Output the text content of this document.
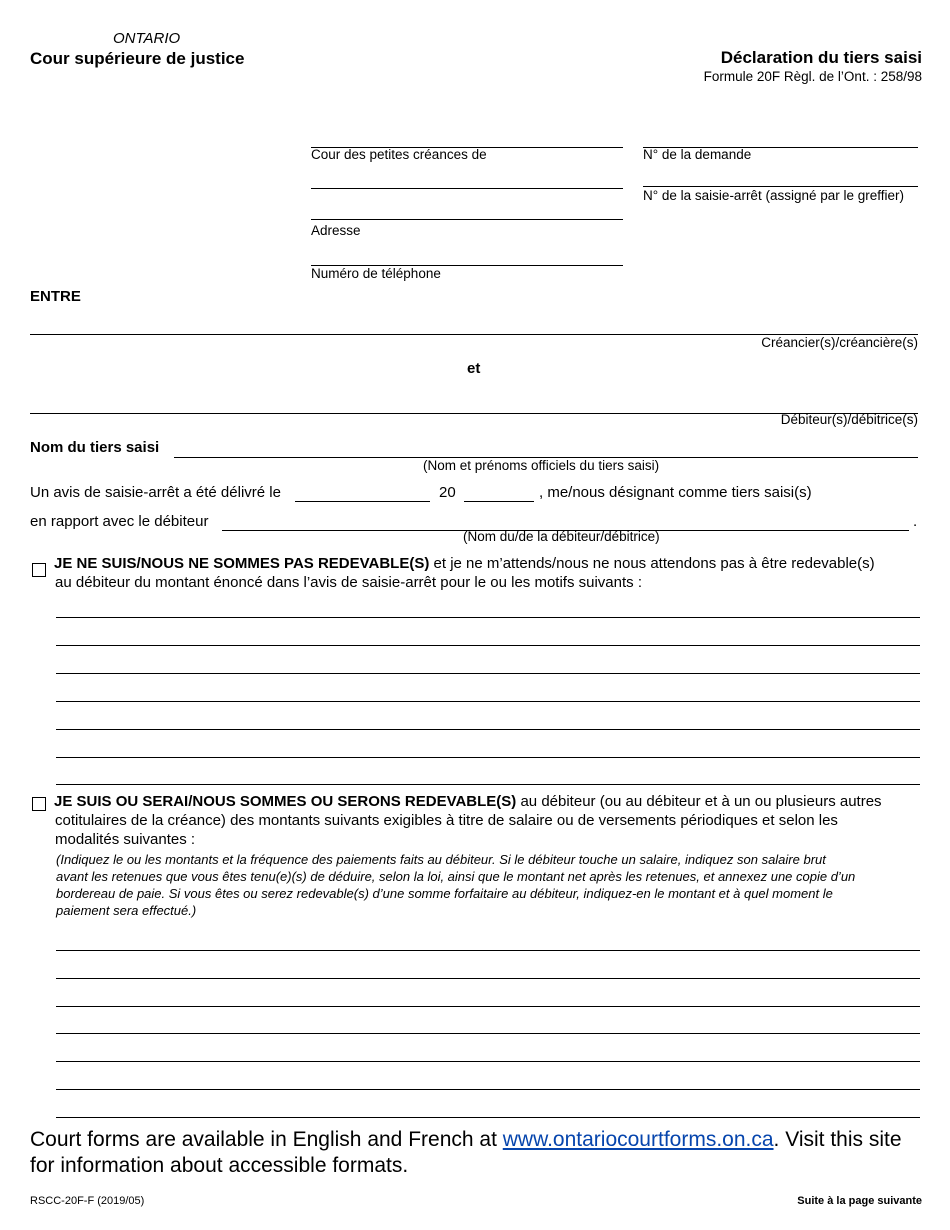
ONTARIO
Cour supérieure de justice	Déclaration du tiers saisi
Formule 20F Règl. de l’Ont. : 258/98
Cour des petites créances de
Adresse
Numéro de téléphone
N° de la demande
N° de la saisie-arrêt (assigné par le greffier)
ENTRE
Créancier(s)/créancière(s)
et
Débiteur(s)/débitrice(s)
Nom du tiers saisi
(Nom et prénoms officiels du tiers saisi)
Un avis de saisie-arrêt a été délivré le	20	, me/nous désignant comme tiers saisi(s)
en rapport avec le débiteur	.
(Nom du/de la débiteur/débitrice)
JE NE SUIS/NOUS NE SOMMES PAS REDEVABLE(S) et je ne m’attends/nous ne nous attendons pas à être redevable(s)
au débiteur du montant énoncé dans l’avis de saisie-arrêt pour le ou les motifs suivants :
JE SUIS OU SERAI/NOUS SOMMES OU SERONS REDEVABLE(S) au débiteur (ou au débiteur et à un ou plusieurs autres
cotitulaires de la créance) des montants suivants exigibles à titre de salaire ou de versements périodiques et selon les
modalités suivantes :
(Indiquez le ou les montants et la fréquence des paiements faits au débiteur. Si le débiteur touche un salaire, indiquez son salaire brut
avant les retenues que vous êtes tenu(e)(s) de déduire, selon la loi, ainsi que le montant net après les retenues, et annexez une copie d’un
bordereau de paie. Si vous êtes ou serez redevable(s) d’une somme forfaitaire au débiteur, indiquez-en le montant et à quel moment le
paiement sera effectué.)
Court forms are available in English and French at www.ontariocourtforms.on.ca. Visit this site
for information about accessible formats.
RSCC-20F-F (2019/05)	Suite à la page suivante
